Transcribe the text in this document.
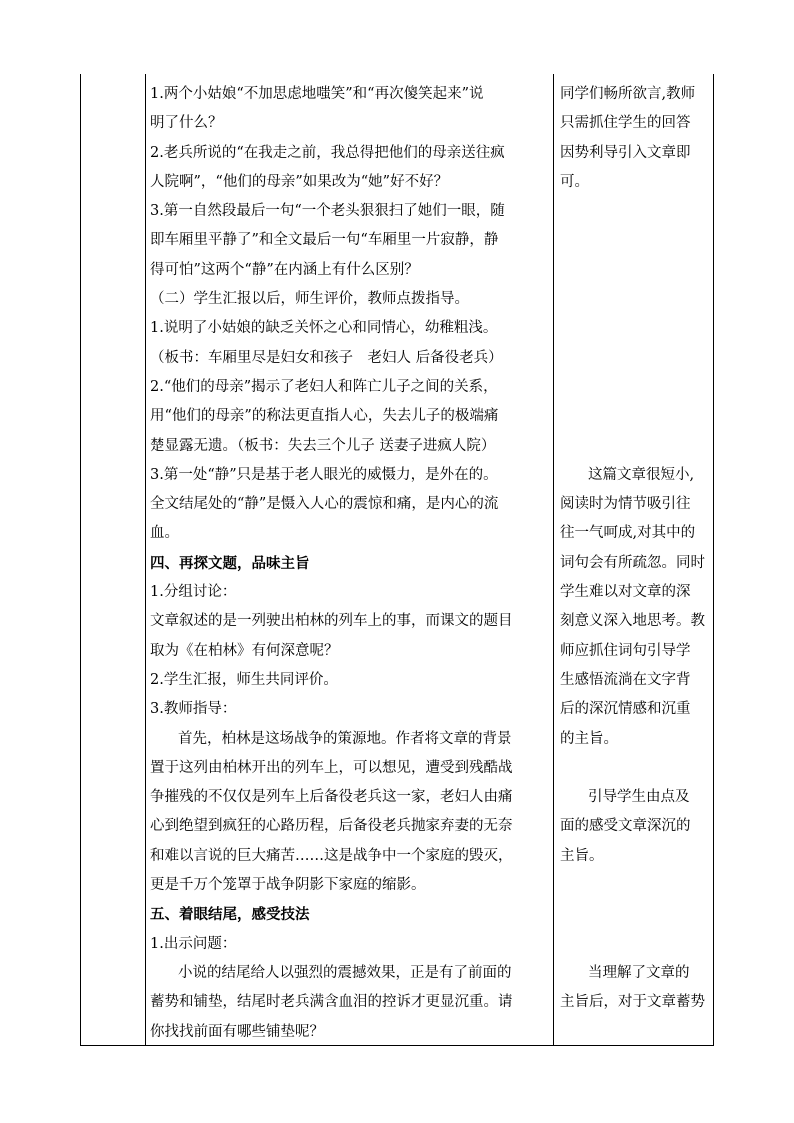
1.两个小姑娘“不加思虑地嗤笑”和“再次傻笑起来”说
明了什么？
2.老兵所说的“在我走之前，我总得把他们的母亲送往疯
人院啊”，“他们的母亲”如果改为“她”好不好？
3.第一自然段最后一句“一个老头狠狠扫了她们一眼，随
即车厢里平静了”和全文最后一句“车厢里一片寂静，静
得可怕”这两个“静”在内涵上有什么区别？
（二）学生汇报以后，师生评价，教师点拨指导。
1.说明了小姑娘的缺乏关怀之心和同情心，幼稚粗浅。
（板书：车厢里尽是妇女和孩子　老妇人 后备役老兵）
2.“他们的母亲”揭示了老妇人和阵亡儿子之间的关系，
用“他们的母亲”的称法更直指人心，失去儿子的极端痛
楚显露无遗。（板书：失去三个儿子 送妻子进疯人院）
3.第一处“静”只是基于老人眼光的威慑力，是外在的。
全文结尾处的“静”是慑入人心的震惊和痛，是内心的流
血。
四、再探文题，品味主旨
1.分组讨论：
文章叙述的是一列驶出柏林的列车上的事，而课文的题目
取为《在柏林》有何深意呢？
2.学生汇报，师生共同评价。
3.教师指导：
首先，柏林是这场战争的策源地。作者将文章的背景
置于这列由柏林开出的列车上，可以想见，遭受到残酷战
争摧残的不仅仅是列车上后备役老兵这一家，老妇人由痛
心到绝望到疯狂的心路历程，后备役老兵抛家弃妻的无奈
和难以言说的巨大痛苦……这是战争中一个家庭的毁灭，
更是千万个笼罩于战争阴影下家庭的缩影。
五、着眼结尾，感受技法
1.出示问题：
小说的结尾给人以强烈的震撼效果，正是有了前面的
蓄势和铺垫，结尾时老兵满含血泪的控诉才更显沉重。请
你找找前面有哪些铺垫呢？
同学们畅所欲言,教师
只需抓住学生的回答
因势利导引入文章即
可。
这篇文章很短小,
阅读时为情节吸引往
往一气呵成,对其中的
词句会有所疏忽。同时
学生难以对文章的深
刻意义深入地思考。教
师应抓住词句引导学
生感悟流淌在文字背
后的深沉情感和沉重
的主旨。
引导学生由点及
面的感受文章深沉的
主旨。
当理解了文章的
主旨后，对于文章蓄势
